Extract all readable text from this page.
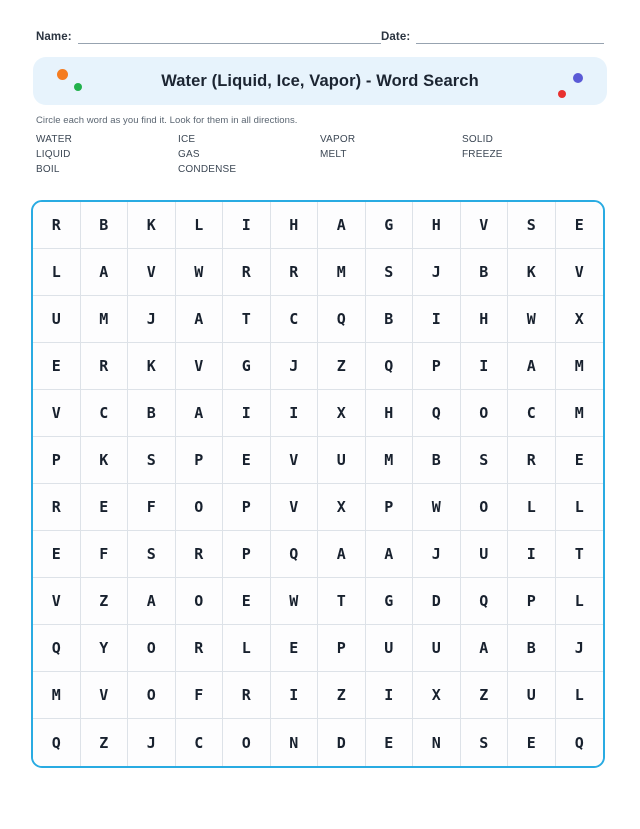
Name:	Date:
Water (Liquid, Ice, Vapor) - Word Search
Circle each word as you find it. Look for them in all directions.
WATER	ICE	VAPOR	SOLID
LIQUID	GAS	MELT	FREEZE
BOIL	CONDENSE
R	B	K	L	I	H	A	G	H	V	S	E
L	A	V	W	R	R	M	S	J	B	K	V
U	M	J	A	T	C	Q	B	I	H	W	X
E	R	K	V	G	J	Z	Q	P	I	A	M
V	C	B	A	I	I	X	H	Q	O	C	M
P	K	S	P	E	V	U	M	B	S	R	E
R	E	F	O	P	V	X	P	W	O	L	L
E	F	S	R	P	Q	A	A	J	U	I	T
V	Z	A	O	E	W	T	G	D	Q	P	L
Q	Y	O	R	L	E	P	U	U	A	B	J
M	V	O	F	R	I	Z	I	X	Z	U	L
Q	Z	J	C	O	N	D	E	N	S	E	Q
